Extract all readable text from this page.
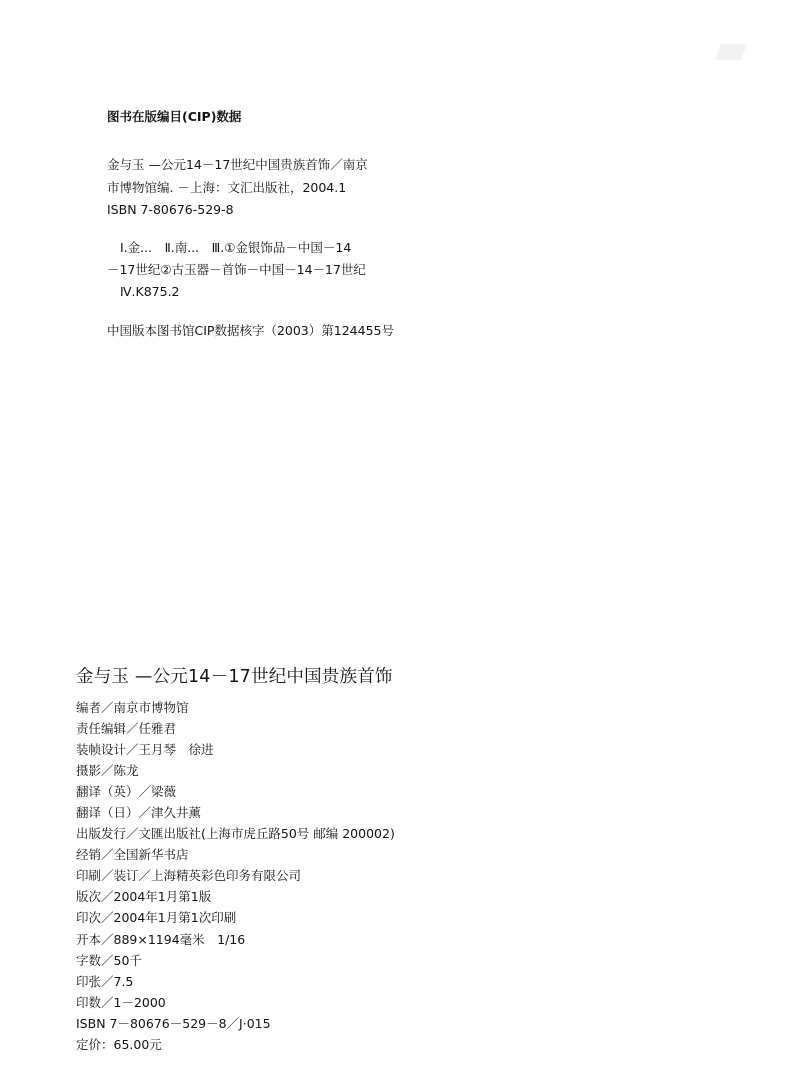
图书在版编目(CIP)数据
金与玉 —公元14－17世纪中国贵族首饰／南京
市博物馆编. －上海：文汇出版社，2004.1
ISBN 7-80676-529-8
Ⅰ.金...　Ⅱ.南...　Ⅲ.①金银饰品－中国－14
－17世纪②古玉器－首饰－中国－14－17世纪
Ⅳ.K875.2
中国版本图书馆CIP数据核字（2003）第124455号
金与玉 —公元14－17世纪中国贵族首饰
编者／南京市博物馆
责任编辑／任雅君
装帧设计／王月琴　徐进
摄影／陈龙
翻译（英）／梁薇
翻译（日）／津久井薰
出版发行／文匯出版社(上海市虎丘路50号 邮编 200002)
经销／全国新华书店
印刷／装订／上海精英彩色印务有限公司
版次／2004年1月第1版
印次／2004年1月第1次印刷
开本／889×1194毫米　1/16
字数／50千
印张／7.5
印数／1－2000
ISBN 7－80676－529－8／J·015
定价：65.00元
